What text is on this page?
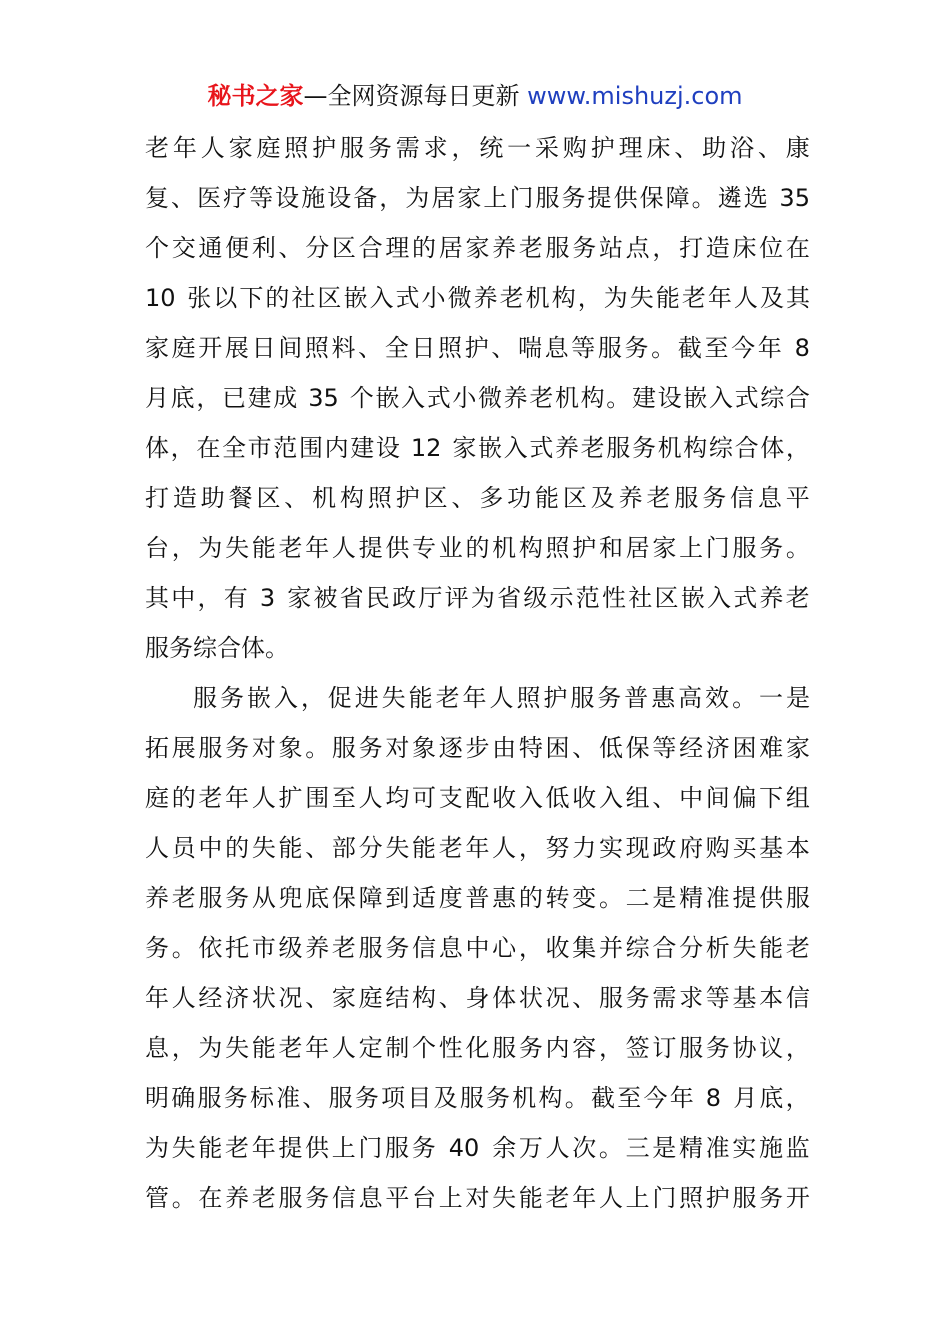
秘书之家—全网资源每日更新 www.mishuzj.com
老 年 人 家 庭 照 护 服 务 需 求 ， 统 一 采 购 护 理 床 、 助 浴 、 康
复 、 医 疗 等 设 施 设 备 ， 为 居 家 上 门 服 务 提 供 保 障 。 遴 选
35
个 交 通 便 利 、 分 区 合 理 的 居 家 养 老 服 务 站 点 ， 打 造 床 位 在
10
张 以 下 的 社 区 嵌 入 式 小 微 养 老 机 构 ， 为 失 能 老 年 人 及 其
家 庭 开 展 日 间 照 料 、 全 日 照 护 、 喘 息 等 服 务 。 截 至 今 年
8
月 底 ， 已 建 成
35
个 嵌 入 式 小 微 养 老 机 构 。 建 设 嵌 入 式 综 合
体 ， 在 全 市 范 围 内 建 设
12
家 嵌 入 式 养 老 服 务 机 构 综 合 体 ，
打 造 助 餐 区 、 机 构 照 护 区 、 多 功 能 区 及 养 老 服 务 信 息 平
台 ， 为 失 能 老 年 人 提 供 专 业 的 机 构 照 护 和 居 家 上 门 服 务 。
其 中 ， 有
3
家 被 省 民 政 厅 评 为 省 级 示 范 性 社 区 嵌 入 式 养 老
服务综合体。
服 务 嵌 入 ， 促 进 失 能 老 年 人 照 护 服 务 普 惠 高 效 。 一 是
拓 展 服 务 对 象 。 服 务 对 象 逐 步 由 特 困 、 低 保 等 经 济 困 难 家
庭 的 老 年 人 扩 围 至 人 均 可 支 配 收 入 低 收 入 组 、 中 间 偏 下 组
人 员 中 的 失 能 、 部 分 失 能 老 年 人 ， 努 力 实 现 政 府 购 买 基 本
养 老 服 务 从 兜 底 保 障 到 适 度 普 惠 的 转 变 。 二 是 精 准 提 供 服
务 。 依 托 市 级 养 老 服 务 信 息 中 心 ， 收 集 并 综 合 分 析 失 能 老
年 人 经 济 状 况 、 家 庭 结 构 、 身 体 状 况 、 服 务 需 求 等 基 本 信
息 ， 为 失 能 老 年 人 定 制 个 性 化 服 务 内 容 ， 签 订 服 务 协 议 ，
明 确 服 务 标 准 、 服 务 项 目 及 服 务 机 构 。 截 至 今 年
8
月 底 ，
为 失 能 老 年 提 供 上 门 服 务
40
余 万 人 次 。 三 是 精 准 实 施 监
管 。 在 养 老 服 务 信 息 平 台 上 对 失 能 老 年 人 上 门 照 护 服 务 开
